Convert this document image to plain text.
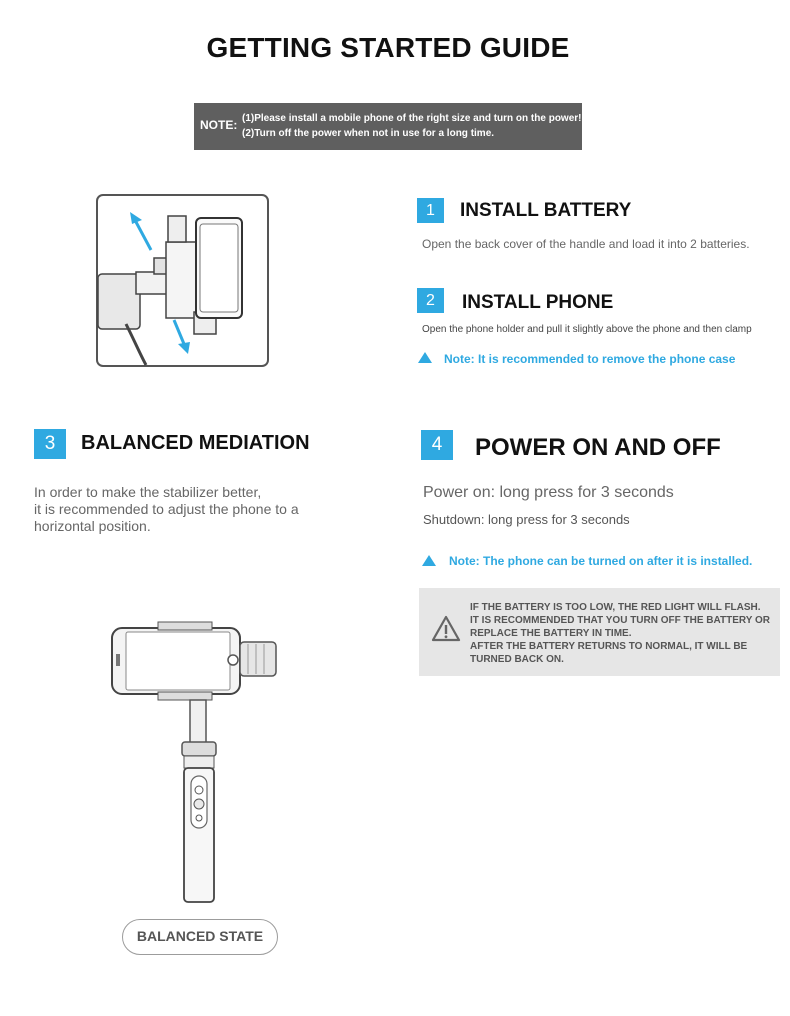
GETTING STARTED GUIDE
NOTE: (1)Please install a mobile phone of the right size and turn on the power!
(2)Turn off the power when not in use for a long time.
1	INSTALL BATTERY
Open the back cover of the handle and load it into 2 batteries.
2	INSTALL PHONE
Open the phone holder and pull it slightly above the phone and then clamp
Note: It is recommended to remove the phone case
3	BALANCED MEDIATION
In order to make the stabilizer better,
it is recommended to adjust the phone to a
horizontal position.
4	POWER ON AND OFF
Power on: long press for 3 seconds
Shutdown: long press for 3 seconds
Note: The phone can be turned on after it is installed.
IF THE BATTERY IS TOO LOW, THE RED LIGHT WILL FLASH.
IT IS RECOMMENDED THAT YOU TURN OFF THE BATTERY OR
REPLACE THE BATTERY IN TIME.
AFTER THE BATTERY RETURNS TO NORMAL, IT WILL BE
TURNED BACK ON.
BALANCED STATE
